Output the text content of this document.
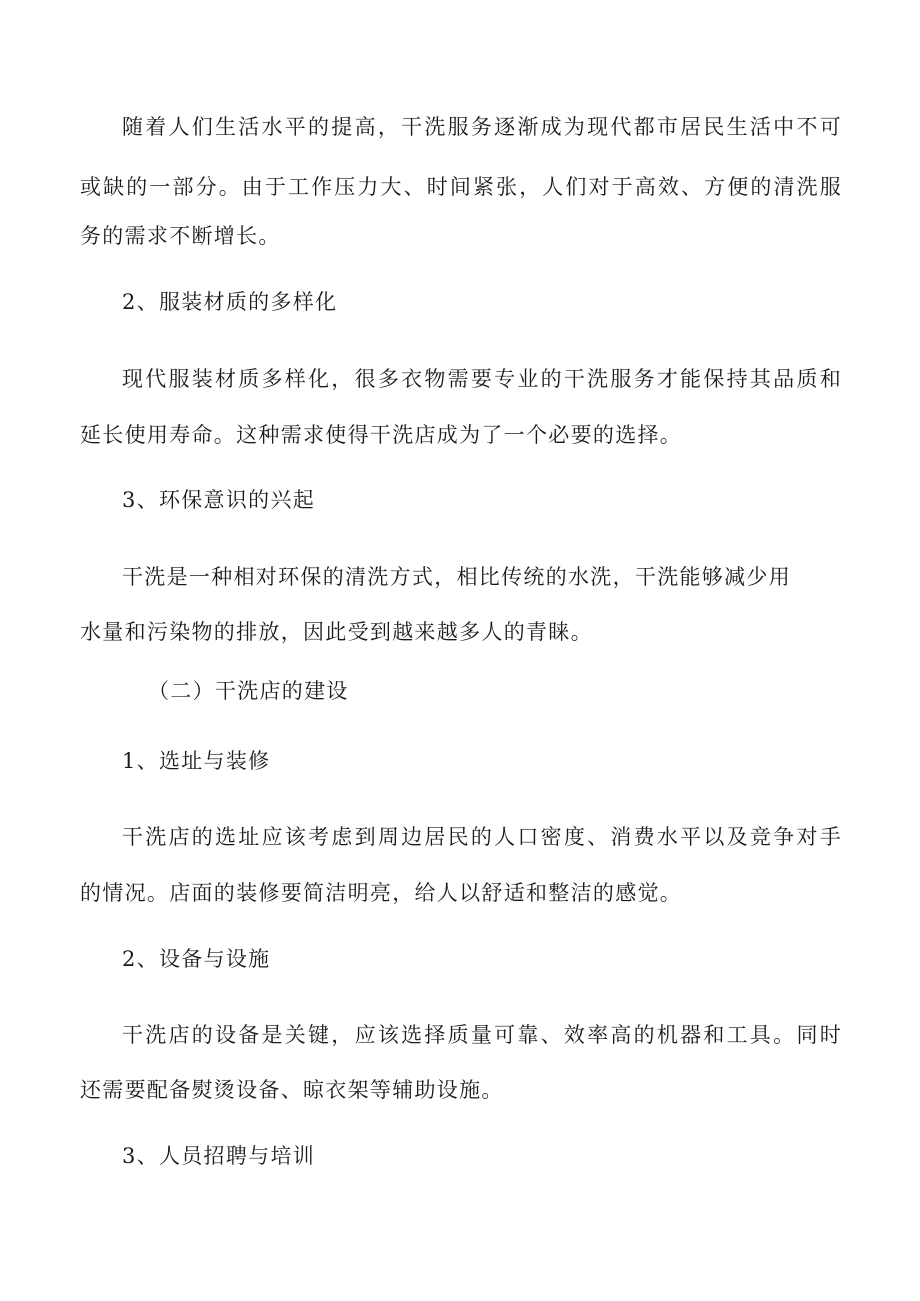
随着人们生活水平的提高，干洗服务逐渐成为现代都市居民生活中不可
或缺的一部分。由于工作压力大、时间紧张，人们对于高效、方便的清洗服
务的需求不断增长。
2、服装材质的多样化
现代服装材质多样化，很多衣物需要专业的干洗服务才能保持其品质和
延长使用寿命。这种需求使得干洗店成为了一个必要的选择。
3、环保意识的兴起
干洗是一种相对环保的清洗方式，相比传统的水洗，干洗能够减少用
水量和污染物的排放，因此受到越来越多人的青睐。
（二）干洗店的建设
1、选址与装修
干洗店的选址应该考虑到周边居民的人口密度、消费水平以及竞争对手
的情况。店面的装修要简洁明亮，给人以舒适和整洁的感觉。
2、设备与设施
干洗店的设备是关键，应该选择质量可靠、效率高的机器和工具。同时
还需要配备熨烫设备、晾衣架等辅助设施。
3、人员招聘与培训
